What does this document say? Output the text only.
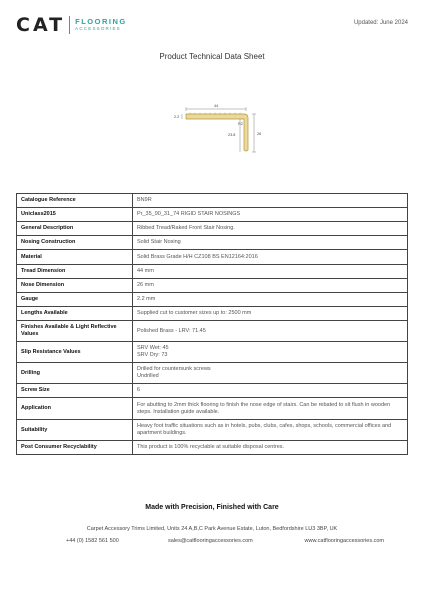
CAT FLOORING
ACCESSORIES
Updated: June 2024
Product Technical Data Sheet
44
2.2
R2
23.8	26
Catalogue Reference	BN9R

Uniclass2015	Pr_35_90_31_74 RIGID STAIR NOSINGS

General Description	Ribbed Tread/Raked Front Stair Nosing.

Nosing Construction	Solid Stair Nosing

Material	Solid Brass Grade H/H CZ108 BS EN12164:2016

Tread Dimension	44 mm

Nose Dimension	26 mm

Gauge	2.2 mm

Lengths Available	Supplied cut to customer sizes up to: 2500 mm

Finishes Available & Light Reflective Values	Polished Brass - LRV: 71.45

Slip Resistance Values	SRV Wet: 45
SRV Dry: 73

Drilling	Drilled for countersunk screws
Undrilled

Screw Size	6

Application	For abutting to 2mm thick flooring to finish the nose edge of stairs. Can be rebated to sit flush in wooden steps. Installation guide available.

Suitability	Heavy foot traffic situations such as in hotels, pubs, clubs, cafes, shops, schools, commercial offices and apartment buildings.

Post Consumer Recyclability	This product is 100% recyclable at suitable disposal centres.
Made with Precision, Finished with Care
Carpet Accessory Trims Limited, Units 24 A,B,C Park Avenue Estate, Luton, Bedfordshire LU3 3BP, UK
+44 (0) 1582 561 500	sales@catflooringaccessories.com	www.catflooringaccessories.com
